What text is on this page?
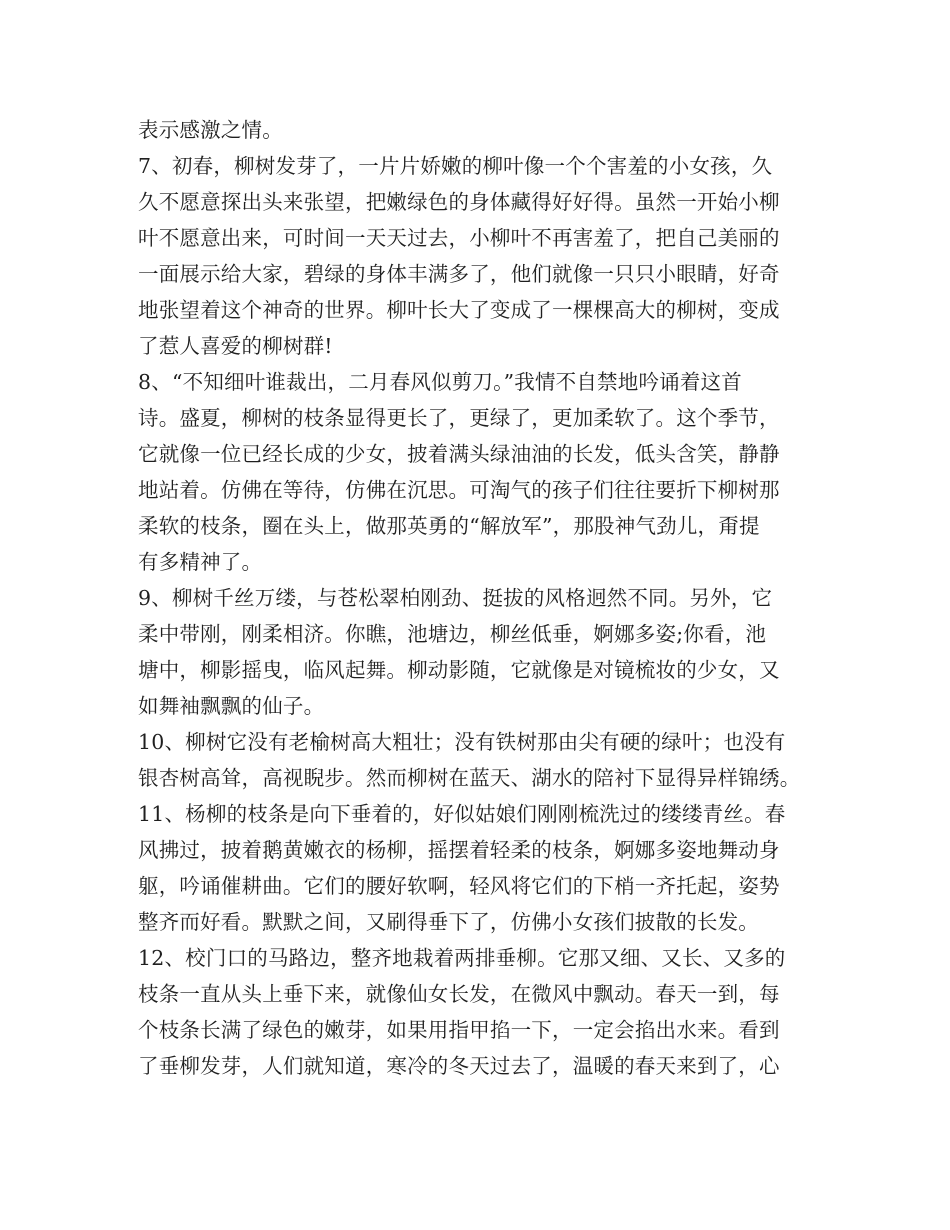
表示感激之情。
7、初春，柳树发芽了，一片片娇嫩的柳叶像一个个害羞的小女孩，久
久不愿意探出头来张望，把嫩绿色的身体藏得好好得。虽然一开始小柳
叶不愿意出来，可时间一天天过去，小柳叶不再害羞了，把自己美丽的
一面展示给大家，碧绿的身体丰满多了，他们就像一只只小眼睛，好奇
地张望着这个神奇的世界。柳叶长大了变成了一棵棵高大的柳树，变成
了惹人喜爱的柳树群!
8、“不知细叶谁裁出，二月春风似剪刀。”我情不自禁地吟诵着这首
诗。盛夏，柳树的枝条显得更长了，更绿了，更加柔软了。这个季节，
它就像一位已经长成的少女，披着满头绿油油的长发，低头含笑，静静
地站着。仿佛在等待，仿佛在沉思。可淘气的孩子们往往要折下柳树那
柔软的枝条，圈在头上，做那英勇的“解放军”，那股神气劲儿，甭提
有多精神了。
9、柳树千丝万缕，与苍松翠柏刚劲、挺拔的风格迥然不同。另外，它
柔中带刚，刚柔相济。你瞧，池塘边，柳丝低垂，婀娜多姿;你看，池
塘中，柳影摇曳，临风起舞。柳动影随，它就像是对镜梳妆的少女，又
如舞袖飘飘的仙子。
10、柳树它没有老榆树高大粗壮；没有铁树那由尖有硬的绿叶；也没有
银杏树高耸，高视睨步。然而柳树在蓝天、湖水的陪衬下显得异样锦绣。
11、杨柳的枝条是向下垂着的，好似姑娘们刚刚梳洗过的缕缕青丝。春
风拂过，披着鹅黄嫩衣的杨柳，摇摆着轻柔的枝条，婀娜多姿地舞动身
躯，吟诵催耕曲。它们的腰好软啊，轻风将它们的下梢一齐托起，姿势
整齐而好看。默默之间，又刷得垂下了，仿佛小女孩们披散的长发。
12、校门口的马路边，整齐地栽着两排垂柳。它那又细、又长、又多的
枝条一直从头上垂下来，就像仙女长发，在微风中飘动。春天一到，每
个枝条长满了绿色的嫩芽，如果用指甲掐一下，一定会掐出水来。看到
了垂柳发芽，人们就知道，寒冷的冬天过去了，温暖的春天来到了，心
